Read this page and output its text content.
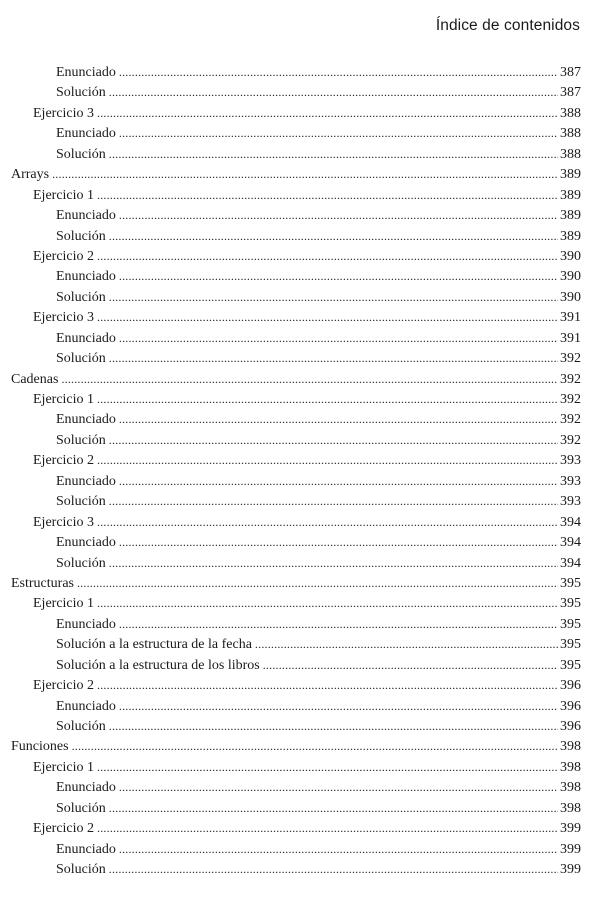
Índice de contenidos
Enunciado .....	387
Solución .....	387
Ejercicio 3 .....	388
Enunciado .....	388
Solución .....	388
Arrays .....	389
Ejercicio 1 .....	389
Enunciado .....	389
Solución .....	389
Ejercicio 2 .....	390
Enunciado .....	390
Solución .....	390
Ejercicio 3 .....	391
Enunciado .....	391
Solución .....	392
Cadenas .....	392
Ejercicio 1 .....	392
Enunciado .....	392
Solución .....	392
Ejercicio 2 .....	393
Enunciado .....	393
Solución .....	393
Ejercicio 3 .....	394
Enunciado .....	394
Solución .....	394
Estructuras .....	395
Ejercicio 1 .....	395
Enunciado .....	395
Solución a la estructura de la fecha .....	395
Solución a la estructura de los libros .....	395
Ejercicio 2 .....	396
Enunciado .....	396
Solución .....	396
Funciones .....	398
Ejercicio 1 .....	398
Enunciado .....	398
Solución .....	398
Ejercicio 2 .....	399
Enunciado .....	399
Solución .....	399
